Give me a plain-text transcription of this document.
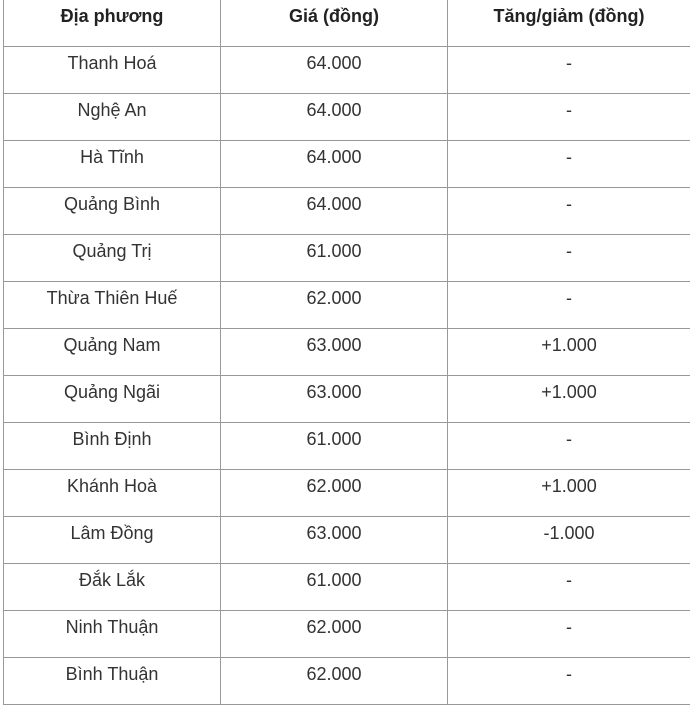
Địa phương	Giá (đồng)	Tăng/giảm (đồng)
Thanh Hoá	64.000	-
Nghệ An	64.000	-
Hà Tĩnh	64.000	-
Quảng Bình	64.000	-
Quảng Trị	61.000	-
Thừa Thiên Huế	62.000	-
Quảng Nam	63.000	+1.000
Quảng Ngãi	63.000	+1.000
Bình Định	61.000	-
Khánh Hoà	62.000	+1.000
Lâm Đồng	63.000	-1.000
Đắk Lắk	61.000	-
Ninh Thuận	62.000	-
Bình Thuận	62.000	-
